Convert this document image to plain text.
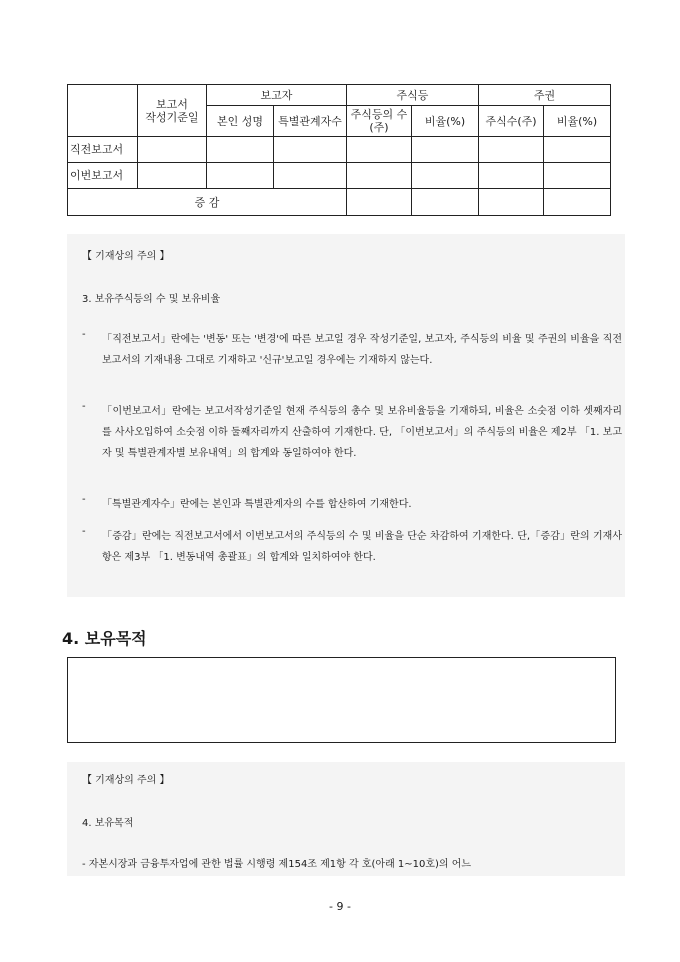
	보고서
작성기준일	보고자		주식등		주권	
		본인 성명	특별관계자수	주식등의 수(주)	비율(%)	주식수(주)	비율(%)
직전보고서							
이번보고서							
증 감							
【 기재상의 주의 】
3. 보유주식등의 수 및 보유비율
- 「직전보고서」란에는 '변동' 또는 '변경'에 따른 보고일 경우 작성기준일, 보고자, 주식등의 비율 및 주권의 비율을 직전보고서의 기재내용 그대로 기재하고 '신규'보고일 경우에는 기재하지 않는다.
- 「이번보고서」란에는 보고서작성기준일 현재 주식등의 총수 및 보유비율등을 기재하되, 비율은 소숫점 이하 셋째자리를 사사오입하여 소숫점 이하 둘째자리까지 산출하여 기재한다. 단, 「이번보고서」의 주식등의 비율은 제2부 「1. 보고자 및 특별관계자별 보유내역」의 합계와 동일하여야 한다.
- 「특별관계자수」란에는 본인과 특별관계자의 수를 합산하여 기재한다.
- 「증감」란에는 직전보고서에서 이번보고서의 주식등의 수 및 비율을 단순 차감하여 기재한다. 단,「증감」란의 기재사항은 제3부 「1. 변동내역 총괄표」의 합계와 일치하여야 한다.
4. 보유목적
【 기재상의 주의 】
4. 보유목적
- 자본시장과 금융투자업에 관한 법률 시행령 제154조 제1항 각 호(아래 1~10호)의 어느
- 9 -
